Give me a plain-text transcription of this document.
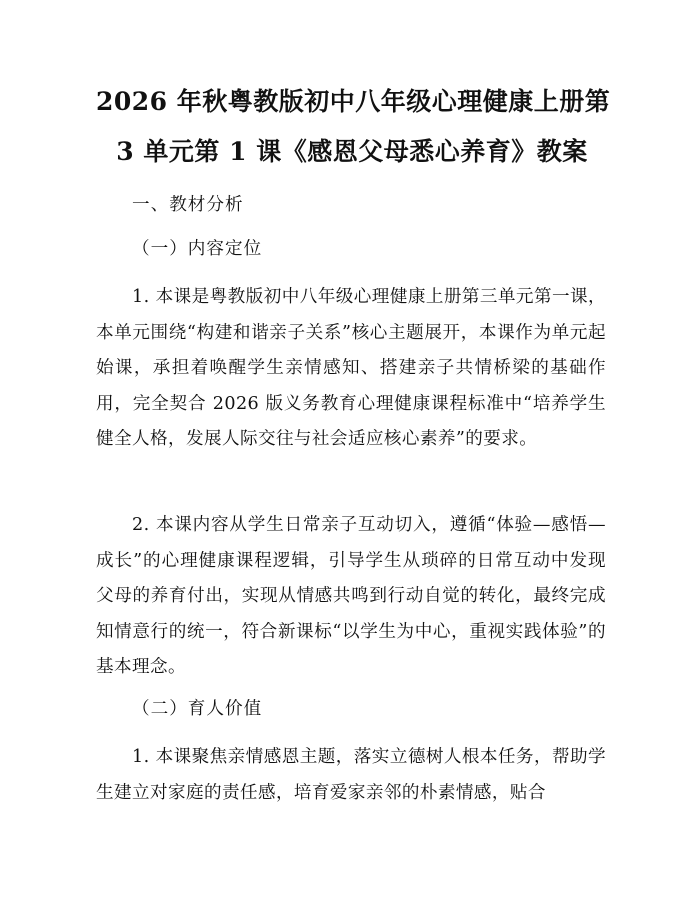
2026 年秋粤教版初中八年级心理健康上册第
3 单元第 1 课《感恩父母悉心养育》教案
一、教材分析
（一）内容定位
1. 本课是粤教版初中八年级心理健康上册第三单元第一课，本单元围绕“构建和谐亲子关系”核心主题展开，本课作为单元起始课，承担着唤醒学生亲情感知、搭建亲子共情桥梁的基础作用，完全契合 2026 版义务教育心理健康课程标准中“培养学生健全人格，发展人际交往与社会适应核心素养”的要求。
2. 本课内容从学生日常亲子互动切入，遵循“体验—感悟—成长”的心理健康课程逻辑，引导学生从琐碎的日常互动中发现父母的养育付出，实现从情感共鸣到行动自觉的转化，最终完成知情意行的统一，符合新课标“以学生为中心，重视实践体验”的基本理念。
（二）育人价值
1. 本课聚焦亲情感恩主题，落实立德树人根本任务，帮助学生建立对家庭的责任感，培育爱家亲邻的朴素情感，贴合
